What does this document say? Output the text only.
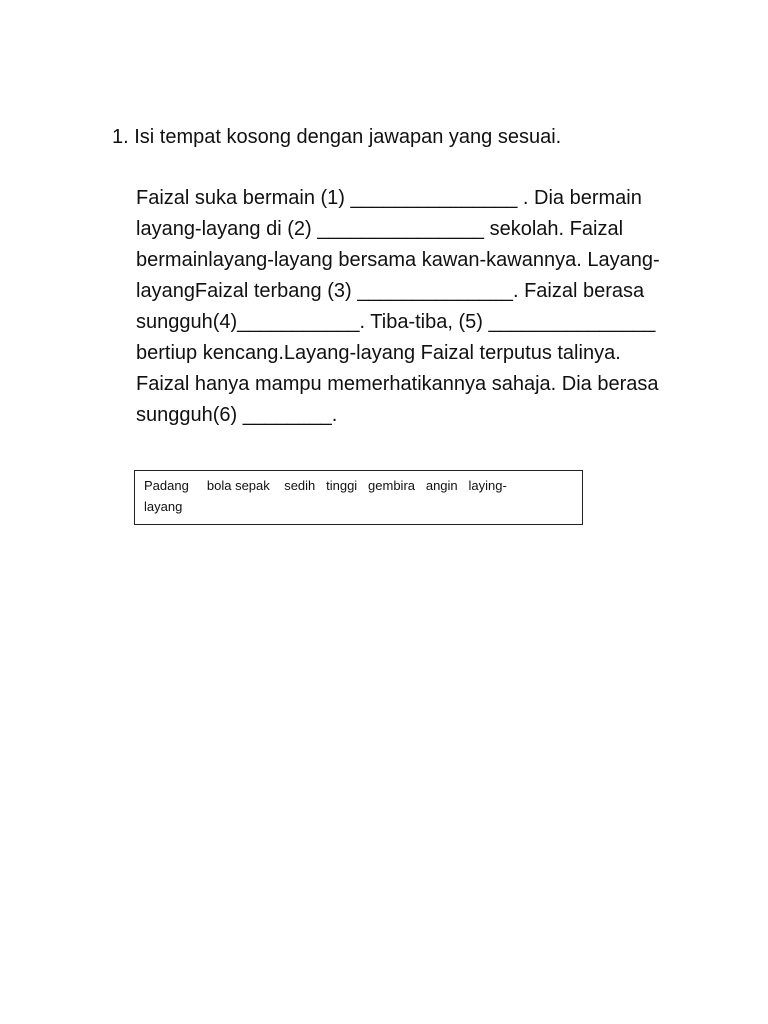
1. Isi tempat kosong dengan jawapan yang sesuai.
Faizal suka bermain (1) _______________ . Dia bermain
layang-layang di (2) _______________ sekolah. Faizal
bermainlayang-layang bersama kawan-kawannya. Layang-
layangFaizal terbang (3) ______________. Faizal berasa
sungguh(4)___________. Tiba-tiba, (5) _______________
bertiup kencang.Layang-layang Faizal terputus talinya.
Faizal hanya mampu memerhatikannya sahaja. Dia berasa
sungguh(6) ________.
Padang     bola sepak    sedih   tinggi   gembira   angin   laying-
layang
